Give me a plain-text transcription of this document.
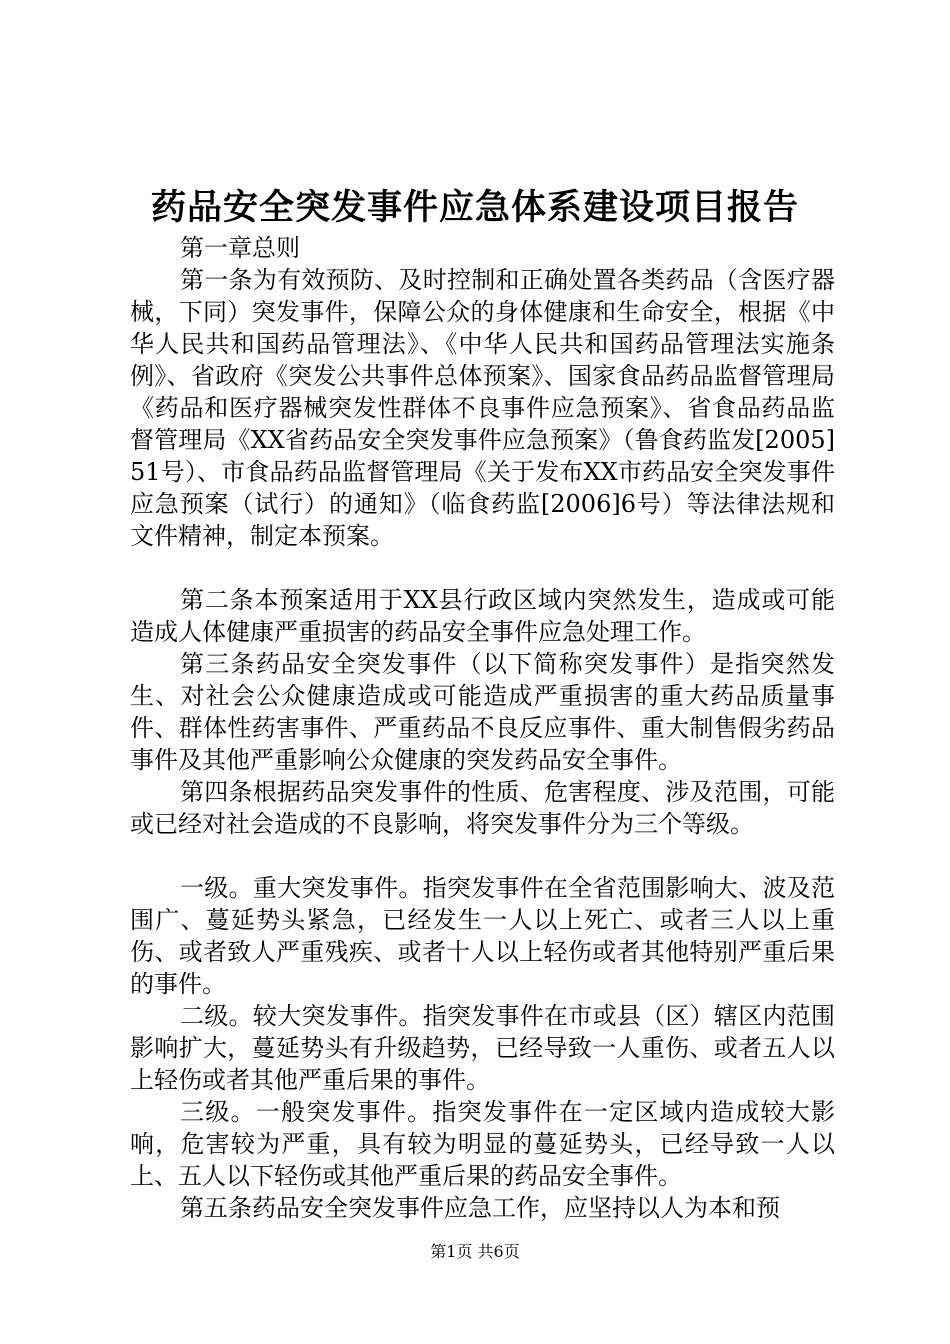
药品安全突发事件应急体系建设项目报告

第一章总则

第一条为有效预防、及时控制和正确处置各类药品（含医疗器械，下同）突发事件，保障公众的身体健康和生命安全，根据《中华人民共和国药品管理法》、《中华人民共和国药品管理法实施条例》、省政府《突发公共事件总体预案》、国家食品药品监督管理局《药品和医疗器械突发性群体不良事件应急预案》、省食品药品监督管理局《XX省药品安全突发事件应急预案》（鲁食药监发[2005]51号）、市食品药品监督管理局《关于发布XX市药品安全突发事件应急预案（试行）的通知》（临食药监[2006]6号）等法律法规和文件精神，制定本预案。

第二条本预案适用于XX县行政区域内突然发生，造成或可能造成人体健康严重损害的药品安全事件应急处理工作。

第三条药品安全突发事件（以下简称突发事件）是指突然发生、对社会公众健康造成或可能造成严重损害的重大药品质量事件、群体性药害事件、严重药品不良反应事件、重大制售假劣药品事件及其他严重影响公众健康的突发药品安全事件。

第四条根据药品突发事件的性质、危害程度、涉及范围，可能或已经对社会造成的不良影响，将突发事件分为三个等级。

一级。重大突发事件。指突发事件在全省范围影响大、波及范围广、蔓延势头紧急，已经发生一人以上死亡、或者三人以上重伤、或者致人严重残疾、或者十人以上轻伤或者其他特别严重后果的事件。

二级。较大突发事件。指突发事件在市或县（区）辖区内范围影响扩大，蔓延势头有升级趋势，已经导致一人重伤、或者五人以上轻伤或者其他严重后果的事件。

三级。一般突发事件。指突发事件在一定区域内造成较大影响，危害较为严重，具有较为明显的蔓延势头，已经导致一人以上、五人以下轻伤或其他严重后果的药品安全事件。

第五条药品安全突发事件应急工作，应坚持以人为本和预

第1页 共6页
